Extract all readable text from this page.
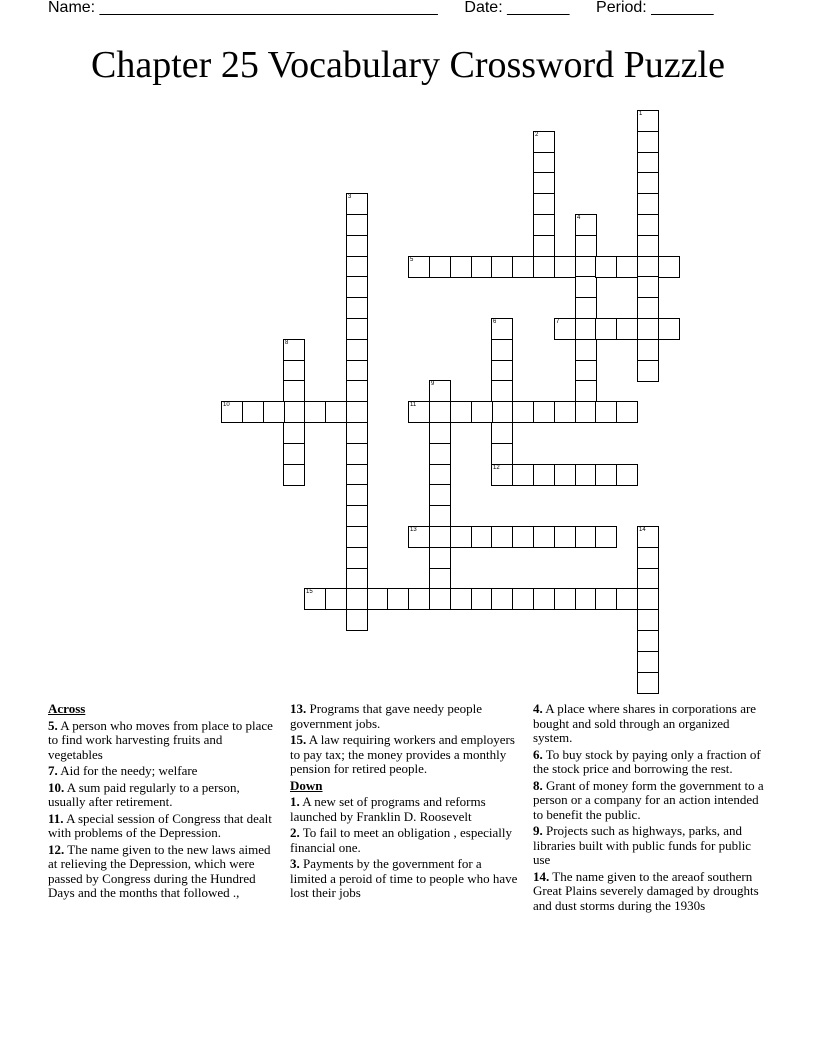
Name: ______________________________________ Date: _______ Period: _______
Chapter 25 Vocabulary Crossword Puzzle
1
2
3
4
5
6
12
7
8
9
10	11
13	14
15
Across
5. A person who moves from place to place to find work harvesting fruits and vegetables
7. Aid for the needy; welfare
10. A sum paid regularly to a person, usually after retirement.
11. A special session of Congress that dealt with problems of the Depression.
12. The name given to the new laws aimed at relieving the Depression, which were passed by Congress during the Hundred Days and the months that followed .,
13. Programs that gave needy people government jobs.
15. A law requiring workers and employers to pay tax; the money provides a monthly pension for retired people.
Down
1. A new set of programs and reforms launched by Franklin D. Roosevelt
2. To fail to meet an obligation , especially financial one.
3. Payments by the government for a limited a peroid of time to people who have lost their jobs
4. A place where shares in corporations are bought and sold through an organized system.
6. To buy stock by paying only a fraction of the stock price and borrowing the rest.
8. Grant of money form the government to a person or a company for an action intended to benefit the public.
9. Projects such as highways, parks, and libraries built with public funds for public use
14. The name given to the areaof southern Great Plains severely damaged by droughts and dust storms during the 1930s
